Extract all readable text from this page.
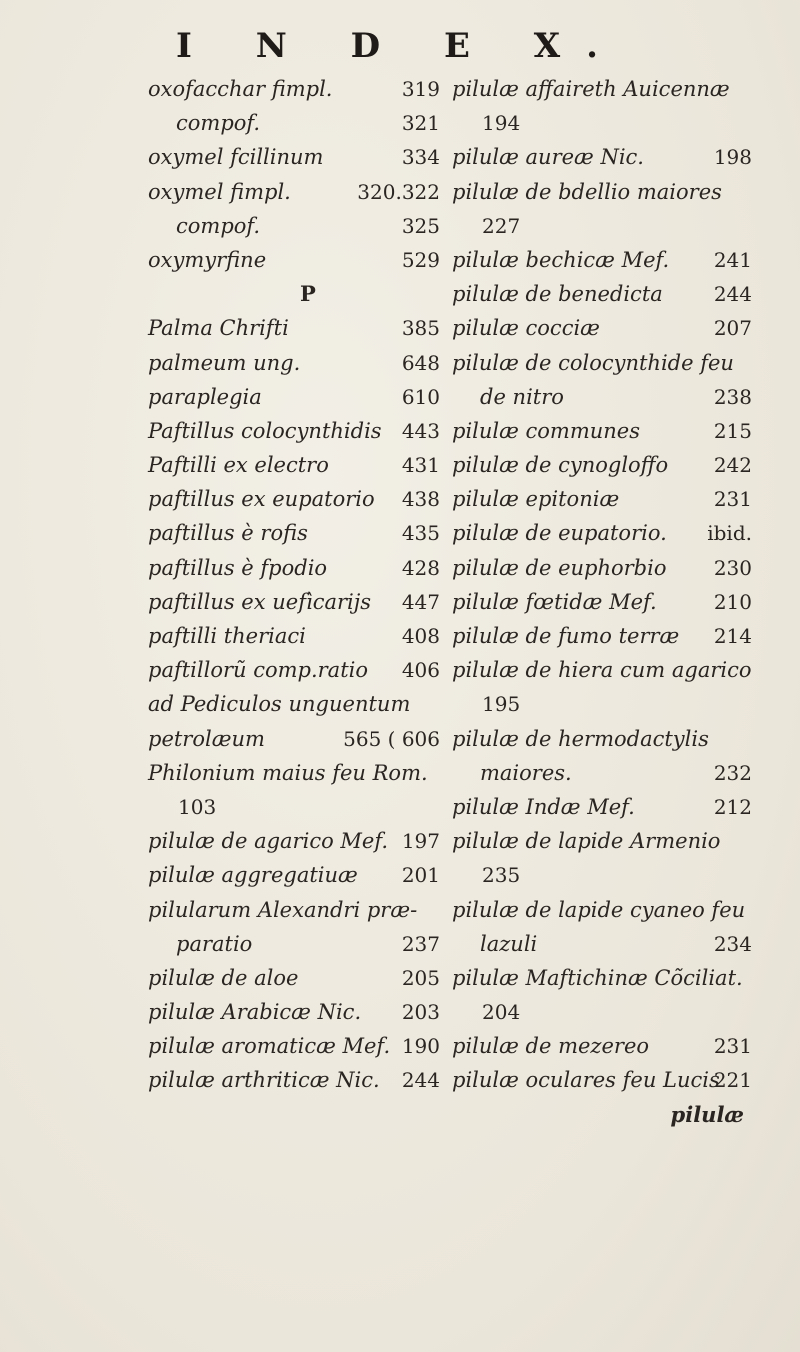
I N D E X.
oxofacchar fimpl.	319
compof.	321
oxymel fcillinum	334
oxymel fimpl.	320.322
compof.	325
oxymyrfine	529
P
Palma Chrifti	385
palmeum ung.	648
paraplegia	610
Paftillus colocynthidis 443
Paftilli ex electro	431
paftillus ex eupatorio 438
paftillus è rofis	435
paftillus è fpodio	428
paftillus ex uefìcarijs 447
paftilli theriaci	408
paftillorũ comp.ratio 406
ad Pediculos unguentum
petrolæum	565 ( 606
Philonium maius feu Rom.
103
pilulæ de agarico Mef. 197
pilulæ aggregatiuæ 201
pilularum Alexandri præ-
paratio	237
pilulæ de aloe	205
pilulæ Arabicæ Nic. 203
pilulæ aromaticæ Mef. 190
pilulæ arthriticæ Nic. 244
pilulæ affaireth Auicennæ
194
pilulæ aureæ Nic.	198
pilulæ de bdellio maiores
227
pilulæ bechicæ Mef. 241
pilulæ de benedicta	244
pilulæ cocciæ	207
pilulæ de colocynthide feu
de nitro	238
pilulæ communes	215
pilulæ de cynogloffo 242
pilulæ epitoniæ	231
pilulæ de eupatorio. ibid.
pilulæ de euphorbio 230
pilulæ fœtidæ Mef.	210
pilulæ de fumo terræ 214
pilulæ de hiera cum agarico
195
pilulæ de hermodactylis
maiores.	232
pilulæ Indæ Mef.	212
pilulæ de lapide Armenio
235
pilulæ de lapide cyaneo feu
lazuli	234
pilulæ Maftichinæ Cõciliat.
204
pilulæ de mezereo	231
pilulæ oculares feu Lucis
221
pilulæ
